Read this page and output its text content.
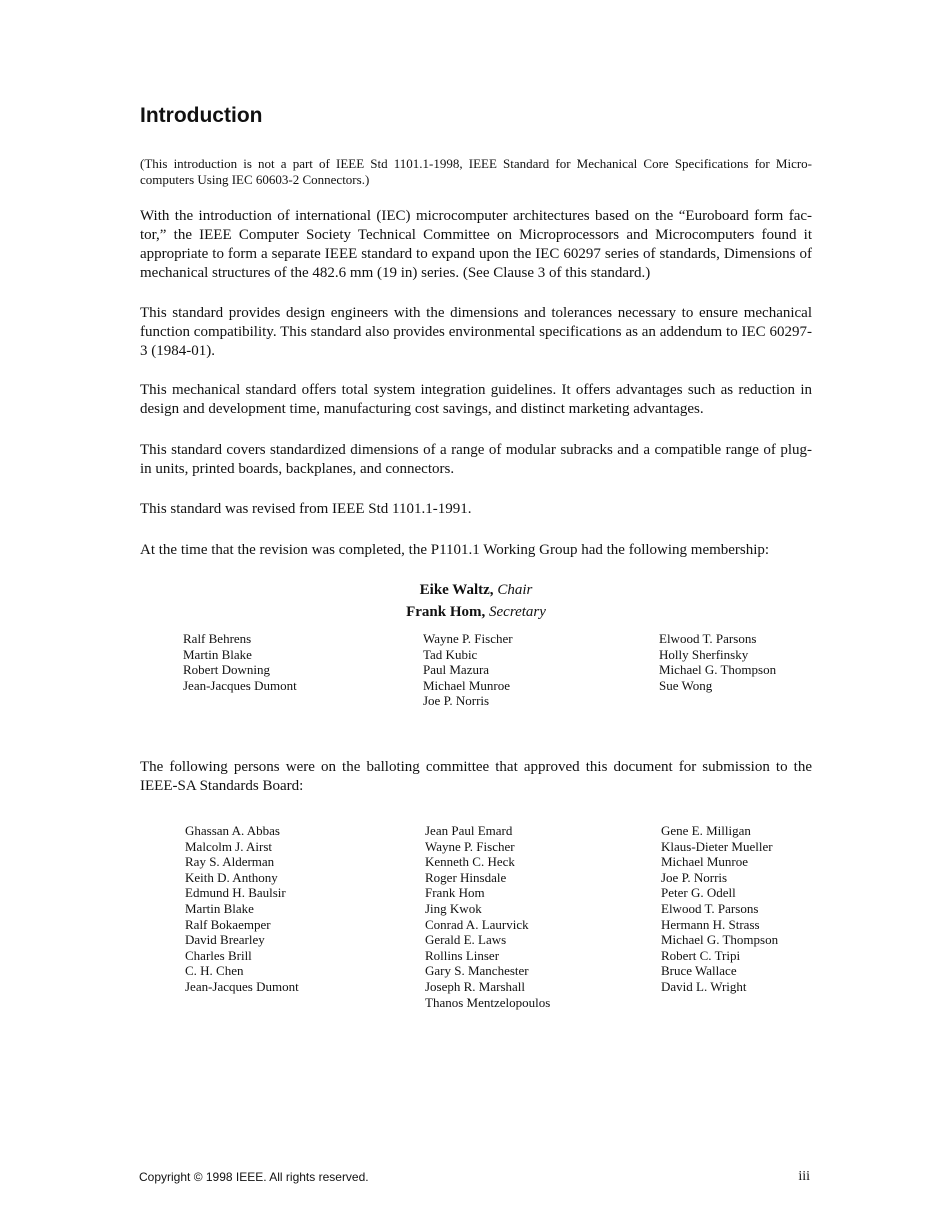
Introduction

(This introduction is not a part of IEEE Std 1101.1-1998, IEEE Standard for Mechanical Core Specifications for Micro-computers Using IEC 60603-2 Connectors.)

With the introduction of international (IEC) microcomputer architectures based on the “Euroboard form fac-tor,” the IEEE Computer Society Technical Committee on Microprocessors and Microcomputers found it appropriate to form a separate IEEE standard to expand upon the IEC 60297 series of standards, Dimensions of mechanical structures of the 482.6 mm (19 in) series. (See Clause 3 of this standard.)

This standard provides design engineers with the dimensions and tolerances necessary to ensure mechanical function compatibility. This standard also provides environmental specifications as an addendum to IEC 60297-3 (1984-01).

This mechanical standard offers total system integration guidelines. It offers advantages such as reduction in design and development time, manufacturing cost savings, and distinct marketing advantages.

This standard covers standardized dimensions of a range of modular subracks and a compatible range of plug-in units, printed boards, backplanes, and connectors.

This standard was revised from IEEE Std 1101.1-1991.

At the time that the revision was completed, the P1101.1 Working Group had the following membership:

Eike Waltz, Chair
Frank Hom, Secretary
Ralf Behrens
Martin Blake
Robert Downing
Jean-Jacques Dumont
Wayne P. Fischer
Tad Kubic
Paul Mazura
Michael Munroe
Joe P. Norris
Elwood T. Parsons
Holly Sherfinsky
Michael G. Thompson
Sue Wong

The following persons were on the balloting committee that approved this document for submission to the IEEE-SA Standards Board:

Ghassan A. Abbas
Malcolm J. Airst
Ray S. Alderman
Keith D. Anthony
Edmund H. Baulsir
Martin Blake
Ralf Bokaemper
David Brearley
Charles Brill
C. H. Chen
Jean-Jacques Dumont
Jean Paul Emard
Wayne P. Fischer
Kenneth C. Heck
Roger Hinsdale
Frank Hom
Jing Kwok
Conrad A. Laurvick
Gerald E. Laws
Rollins Linser
Gary S. Manchester
Joseph R. Marshall
Thanos Mentzelopoulos
Gene E. Milligan
Klaus-Dieter Mueller
Michael Munroe
Joe P. Norris
Peter G. Odell
Elwood T. Parsons
Hermann H. Strass
Michael G. Thompson
Robert C. Tripi
Bruce Wallace
David L. Wright
Copyright © 1998 IEEE. All rights reserved.	iii
